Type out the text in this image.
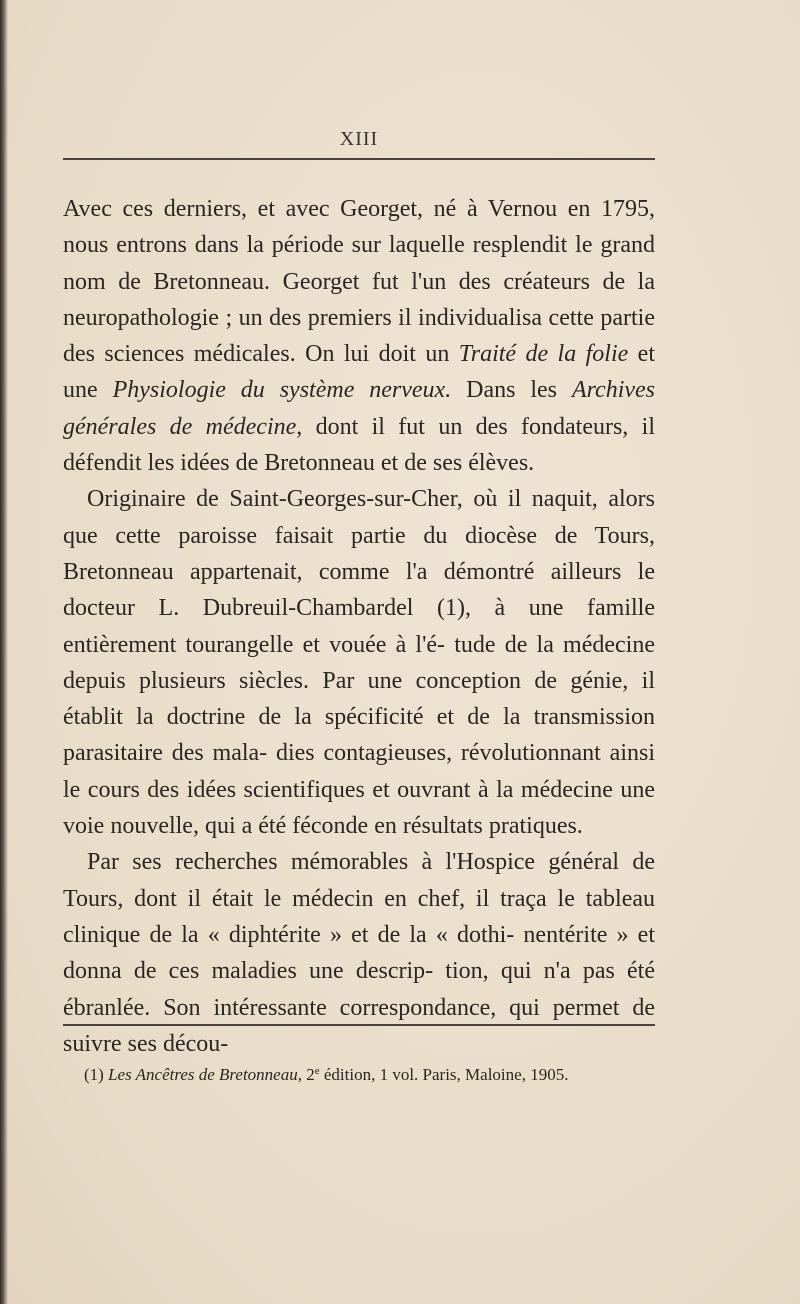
XIII

Avec ces derniers, et avec Georget, né à Vernou en 1795, nous entrons dans la période sur laquelle resplendit le grand nom de Bretonneau. Georget fut l'un des créateurs de la neuropathologie ; un des premiers il individualisa cette partie des sciences médicales. On lui doit un Traité de la folie et une Physiologie du système nerveux. Dans les Archives générales de médecine, dont il fut un des fondateurs, il défendit les idées de Bretonneau et de ses élèves.

Originaire de Saint-Georges-sur-Cher, où il naquit, alors que cette paroisse faisait partie du diocèse de Tours, Bretonneau appartenait, comme l'a démontré ailleurs le docteur L. Dubreuil-Chambardel (1), à une famille entièrement tourangelle et vouée à l'é- tude de la médecine depuis plusieurs siècles. Par une conception de génie, il établit la doctrine de la spécificité et de la transmission parasitaire des mala- dies contagieuses, révolutionnant ainsi le cours des idées scientifiques et ouvrant à la médecine une voie nouvelle, qui a été féconde en résultats pratiques.

Par ses recherches mémorables à l'Hospice général de Tours, dont il était le médecin en chef, il traça le tableau clinique de la « diphtérite » et de la « dothi- nentérite » et donna de ces maladies une descrip- tion, qui n'a pas été ébranlée. Son intéressante correspondance, qui permet de suivre ses décou-

(1) Les Ancêtres de Bretonneau, 2e édition, 1 vol. Paris, Maloine, 1905.
